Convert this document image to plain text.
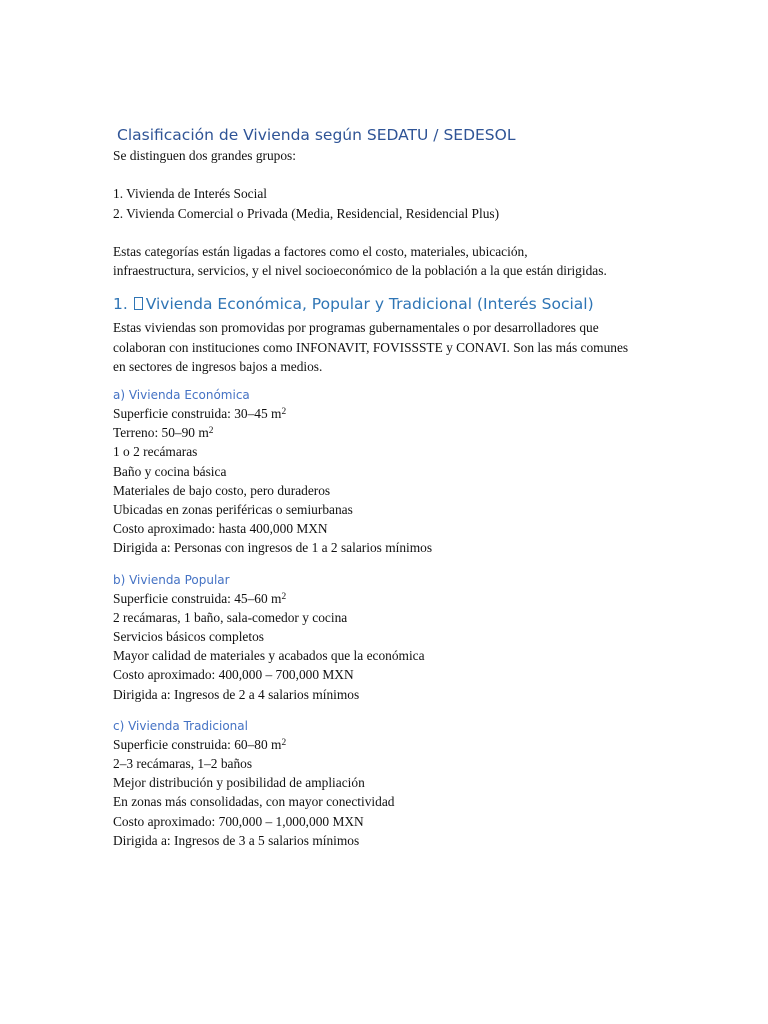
Clasificación de Vivienda según SEDATU / SEDESOL
Se distinguen dos grandes grupos:
1. Vivienda de Interés Social
2. Vivienda Comercial o Privada (Media, Residencial, Residencial Plus)
Estas categorías están ligadas a factores como el costo, materiales, ubicación,
infraestructura, servicios, y el nivel socioeconómico de la población a la que están dirigidas.
1. Vivienda Económica, Popular y Tradicional (Interés Social)
Estas viviendas son promovidas por programas gubernamentales o por desarrolladores que
colaboran con instituciones como INFONAVIT, FOVISSSTE y CONAVI. Son las más comunes
en sectores de ingresos bajos a medios.
a) Vivienda Económica
Superficie construida: 30–45 $m^2$
Terreno: 50–90 $m^2$
1 o 2 recámaras
Baño y cocina básica
Materiales de bajo costo, pero duraderos
Ubicadas en zonas periféricas o semiurbanas
Costo aproximado: hasta 400,000 MXN
Dirigida a: Personas con ingresos de 1 a 2 salarios mínimos
b) Vivienda Popular
Superficie construida: 45–60 $m^2$
2 recámaras, 1 baño, sala-comedor y cocina
Servicios básicos completos
Mayor calidad de materiales y acabados que la económica
Costo aproximado: 400,000 – 700,000 MXN
Dirigida a: Ingresos de 2 a 4 salarios mínimos
c) Vivienda Tradicional
Superficie construida: 60–80 $m^2$
2–3 recámaras, 1–2 baños
Mejor distribución y posibilidad de ampliación
En zonas más consolidadas, con mayor conectividad
Costo aproximado: 700,000 – 1,000,000 MXN
Dirigida a: Ingresos de 3 a 5 salarios mínimos
